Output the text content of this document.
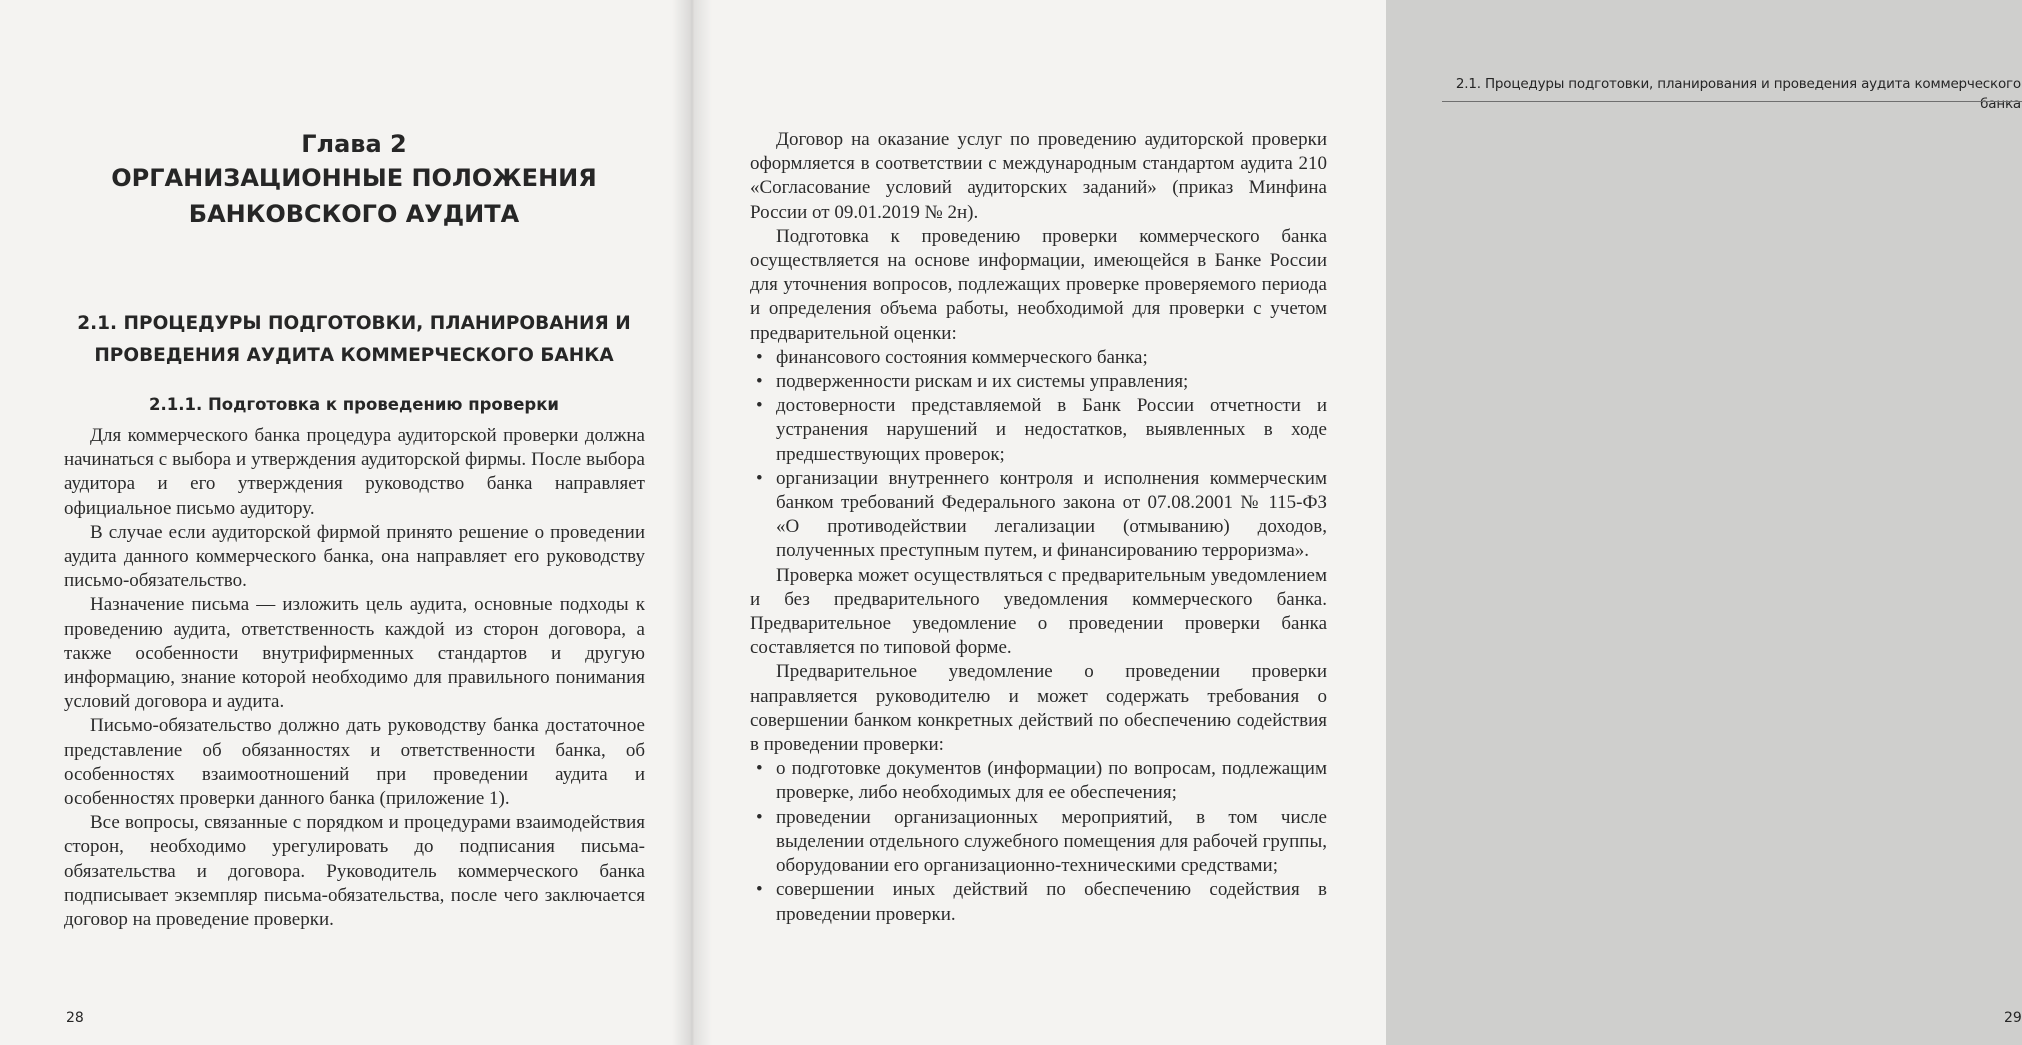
Глава 2
ОРГАНИЗАЦИОННЫЕ ПОЛОЖЕНИЯ БАНКОВСКОГО АУДИТА
2.1. ПРОЦЕДУРЫ ПОДГОТОВКИ, ПЛАНИРОВАНИЯ И ПРОВЕДЕНИЯ АУДИТА КОММЕРЧЕСКОГО БАНКА
2.1.1. Подготовка к проведению проверки

Для коммерческого банка процедура аудиторской проверки должна начинаться с выбора и утверждения аудиторской фирмы. После выбора аудитора и его утверждения руководство банка направляет официальное письмо аудитору.

В случае если аудиторской фирмой принято решение о проведении аудита данного коммерческого банка, она направляет его руководству письмо-обязательство.

Назначение письма — изложить цель аудита, основные подходы к проведению аудита, ответственность каждой из сторон договора, а также особенности внутрифирменных стандартов и другую информацию, знание которой необходимо для правильного понимания условий договора и аудита.

Письмо-обязательство должно дать руководству банка достаточное представление об обязанностях и ответственности банка, об особенностях взаимоотношений при проведении аудита и особенностях проверки данного банка (приложение 1).

Все вопросы, связанные с порядком и процедурами взаимодействия сторон, необходимо урегулировать до подписания письма-обязательства и договора. Руководитель коммерческого банка подписывает экземпляр письма-обязательства, после чего заключается договор на проведение проверки.

28
2.1. Процедуры подготовки, планирования и проведения аудита коммерческого банка
29

Договор на оказание услуг по проведению аудиторской проверки оформляется в соответствии с международным стандартом аудита 210 «Согласование условий аудиторских заданий» (приказ Минфина России от 09.01.2019 № 2н).

Подготовка к проведению проверки коммерческого банка осуществляется на основе информации, имеющейся в Банке России для уточнения вопросов, подлежащих проверке проверяемого периода и определения объема работы, необходимой для проверки с учетом предварительной оценки:

• финансового состояния коммерческого банка;
• подверженности рискам и их системы управления;
• достоверности представляемой в Банк России отчетности и устранения нарушений и недостатков, выявленных в ходе предшествующих проверок;
• организации внутреннего контроля и исполнения коммерческим банком требований Федерального закона от 07.08.2001 № 115-ФЗ «О противодействии легализации (отмыванию) доходов, полученных преступным путем, и финансированию терроризма».

Проверка может осуществляться с предварительным уведомлением и без предварительного уведомления коммерческого банка. Предварительное уведомление о проведении проверки банка составляется по типовой форме.

Предварительное уведомление о проведении проверки направляется руководителю и может содержать требования о совершении банком конкретных действий по обеспечению содействия в проведении проверки:

• о подготовке документов (информации) по вопросам, подлежащим проверке, либо необходимых для ее обеспечения;
• проведении организационных мероприятий, в том числе выделении отдельного служебного помещения для рабочей группы, оборудовании его организационно-техническими средствами;
• совершении иных действий по обеспечению содействия в проведении проверки.
